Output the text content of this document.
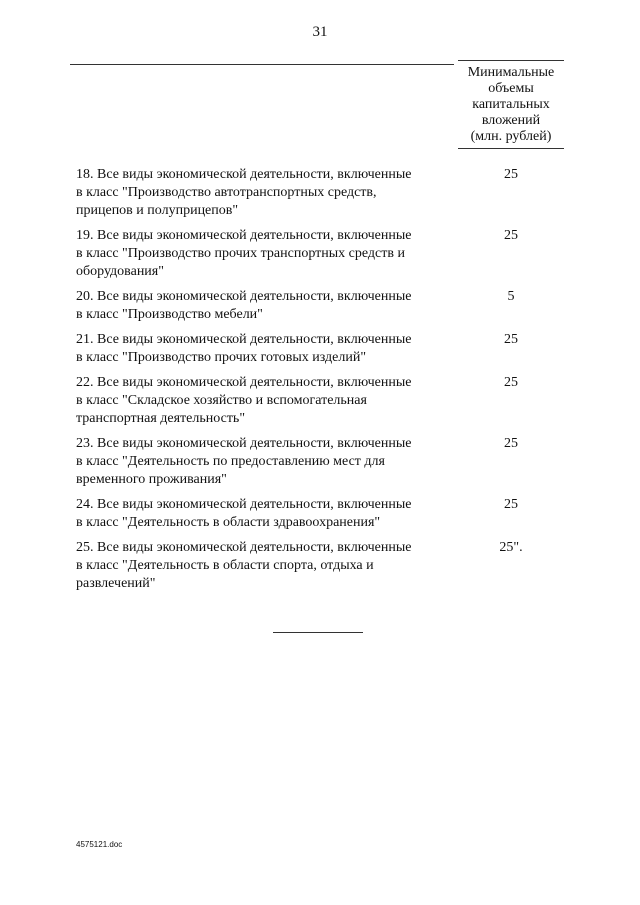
31
Минимальные
объемы
капитальных
вложений
(млн. рублей)
18. Все виды экономической деятельности, включенные
в класс "Производство автотранспортных средств,
прицепов и полуприцепов"
25
19. Все виды экономической деятельности, включенные
в класс "Производство прочих транспортных средств и
оборудования"
25
20. Все виды экономической деятельности, включенные
в класс "Производство мебели"
5
21. Все виды экономической деятельности, включенные
в класс "Производство прочих готовых изделий"
25
22. Все виды экономической деятельности, включенные
в класс "Складское хозяйство и вспомогательная
транспортная деятельность"
25
23. Все виды экономической деятельности, включенные
в класс "Деятельность по предоставлению мест для
временного проживания"
25
24. Все виды экономической деятельности, включенные
в класс "Деятельность в области здравоохранения"
25
25. Все виды экономической деятельности, включенные
в класс "Деятельность в области спорта, отдыха и
развлечений"
25".
4575121.doc
